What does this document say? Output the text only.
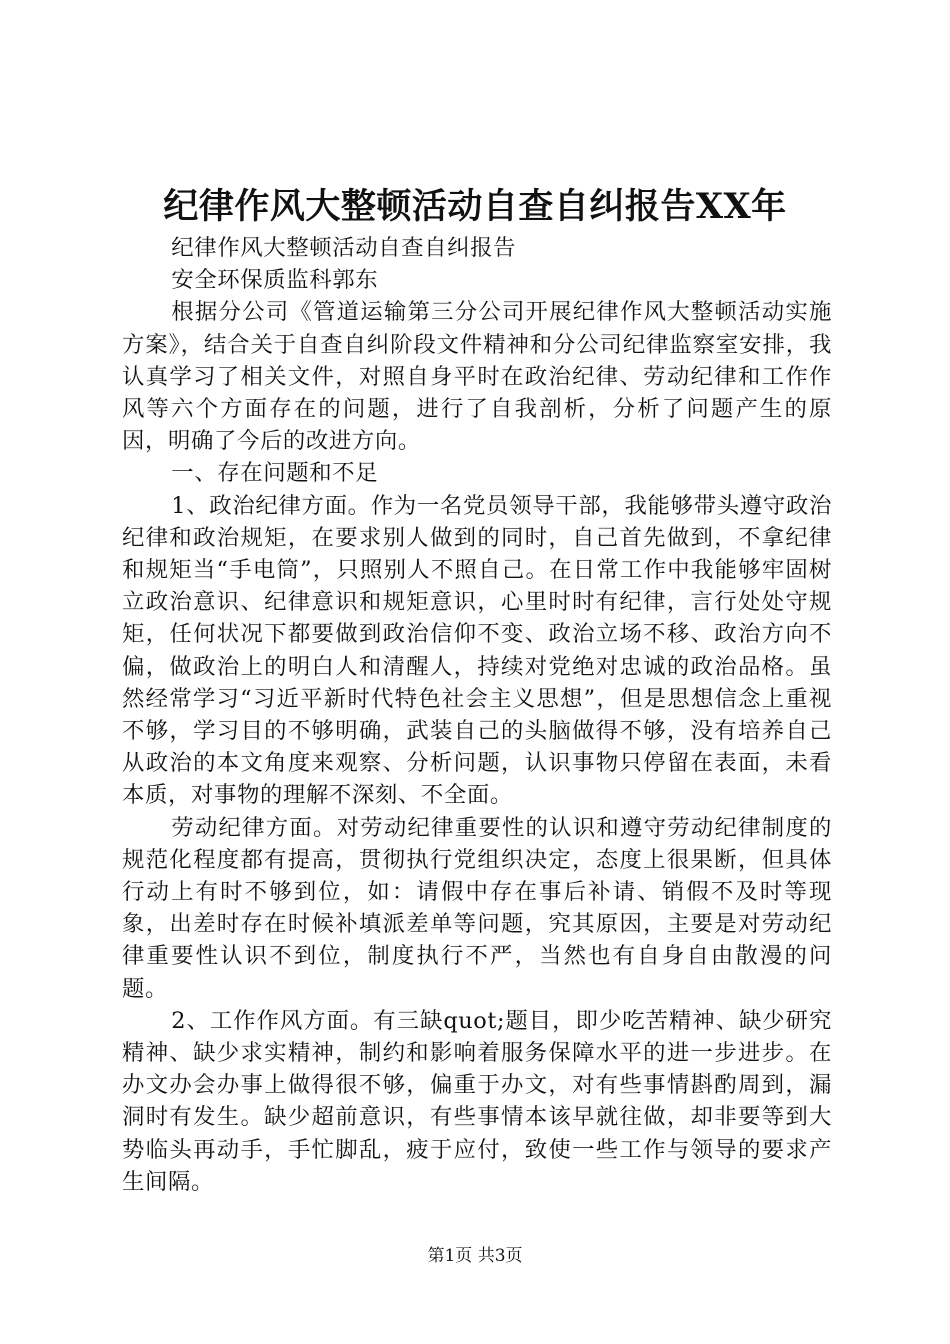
纪律作风大整顿活动自查自纠报告XX年

纪律作风大整顿活动自查自纠报告

安全环保质监科郭东

根据分公司《管道运输第三分公司开展纪律作风大整顿活动实施方案》，结合关于自查自纠阶段文件精神和分公司纪律监察室安排，我认真学习了相关文件，对照自身平时在政治纪律、劳动纪律和工作作风等六个方面存在的问题，进行了自我剖析，分析了问题产生的原因，明确了今后的改进方向。

一、存在问题和不足

1、政治纪律方面。作为一名党员领导干部，我能够带头遵守政治纪律和政治规矩，在要求别人做到的同时，自己首先做到，不拿纪律和规矩当“手电筒”，只照别人不照自己。在日常工作中我能够牢固树立政治意识、纪律意识和规矩意识，心里时时有纪律，言行处处守规矩，任何状况下都要做到政治信仰不变、政治立场不移、政治方向不偏，做政治上的明白人和清醒人，持续对党绝对忠诚的政治品格。虽然经常学习“习近平新时代特色社会主义思想”，但是思想信念上重视不够，学习目的不够明确，武装自己的头脑做得不够，没有培养自己从政治的本文角度来观察、分析问题，认识事物只停留在表面，未看本质，对事物的理解不深刻、不全面。

劳动纪律方面。对劳动纪律重要性的认识和遵守劳动纪律制度的规范化程度都有提高，贯彻执行党组织决定，态度上很果断，但具体行动上有时不够到位，如：请假中存在事后补请、销假不及时等现象，出差时存在时候补填派差单等问题，究其原因，主要是对劳动纪律重要性认识不到位，制度执行不严，当然也有自身自由散漫的问题。

2、工作作风方面。有三缺quot;题目，即少吃苦精神、缺少研究精神、缺少求实精神，制约和影响着服务保障水平的进一步进步。在办文办会办事上做得很不够，偏重于办文，对有些事情斟酌周到，漏洞时有发生。缺少超前意识，有些事情本该早就往做，却非要等到大势临头再动手，手忙脚乱，疲于应付，致使一些工作与领导的要求产生间隔。

第1页 共3页
